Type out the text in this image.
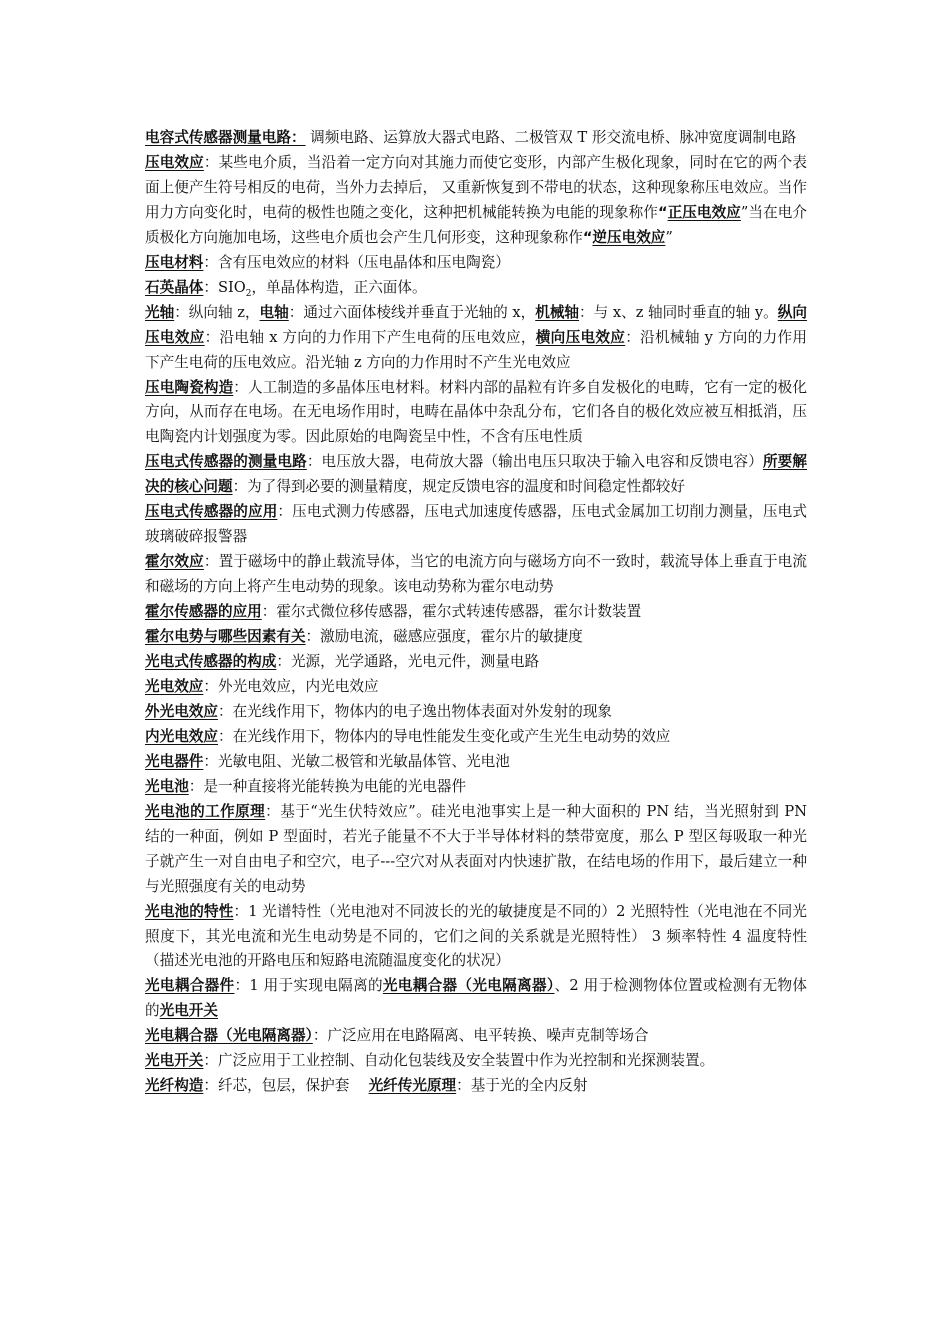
电容式传感器测量电路： 调频电路、运算放大器式电路、二极管双 T 形交流电桥、脉冲宽度调制电路

压电效应：某些电介质，当沿着一定方向对其施力而使它变形，内部产生极化现象，同时在它的两个表面上便产生符号相反的电荷，当外力去掉后， 又重新恢复到不带电的状态，这种现象称压电效应。当作用力方向变化时，电荷的极性也随之变化，这种把机械能转换为电能的现象称作“正压电效应”当在电介质极化方向施加电场，这些电介质也会产生几何形变，这种现象称作“逆压电效应”

压电材料：含有压电效应的材料（压电晶体和压电陶瓷）

石英晶体：$SIO_2$，单晶体构造，正六面体。

光轴：纵向轴 z，电轴：通过六面体棱线并垂直于光轴的 x，机械轴：与 x、z 轴同时垂直的轴 y。纵向压电效应：沿电轴 x 方向的力作用下产生电荷的压电效应，横向压电效应：沿机械轴 y 方向的力作用下产生电荷的压电效应。沿光轴 z 方向的力作用时不产生光电效应

压电陶瓷构造：人工制造的多晶体压电材料。材料内部的晶粒有许多自发极化的电畴，它有一定的极化方向，从而存在电场。在无电场作用时，电畴在晶体中杂乱分布，它们各自的极化效应被互相抵消，压电陶瓷内计划强度为零。因此原始的电陶瓷呈中性，不含有压电性质

压电式传感器的测量电路：电压放大器，电荷放大器（输出电压只取决于输入电容和反馈电容）所要解决的核心问题：为了得到必要的测量精度，规定反馈电容的温度和时间稳定性都较好

压电式传感器的应用：压电式测力传感器，压电式加速度传感器，压电式金属加工切削力测量，压电式玻璃破碎报警器

霍尔效应：置于磁场中的静止载流导体，当它的电流方向与磁场方向不一致时，载流导体上垂直于电流和磁场的方向上将产生电动势的现象。该电动势称为霍尔电动势

霍尔传感器的应用：霍尔式微位移传感器，霍尔式转速传感器，霍尔计数装置

霍尔电势与哪些因素有关：激励电流，磁感应强度，霍尔片的敏捷度

光电式传感器的构成：光源，光学通路，光电元件，测量电路

光电效应：外光电效应，内光电效应

外光电效应：在光线作用下，物体内的电子逸出物体表面对外发射的现象

内光电效应：在光线作用下，物体内的导电性能发生变化或产生光生电动势的效应

光电器件：光敏电阻、光敏二极管和光敏晶体管、光电池

光电池：是一种直接将光能转换为电能的光电器件

光电池的工作原理：基于“光生伏特效应”。硅光电池事实上是一种大面积的 PN 结，当光照射到 PN 结的一种面，例如 P 型面时，若光子能量不不大于半导体材料的禁带宽度，那么 P 型区每吸取一种光子就产生一对自由电子和空穴，电子---空穴对从表面对内快速扩散，在结电场的作用下，最后建立一种与光照强度有关的电动势

光电池的特性：1 光谱特性（光电池对不同波长的光的敏捷度是不同的）2 光照特性（光电池在不同光照度下，其光电流和光生电动势是不同的，它们之间的关系就是光照特性） 3 频率特性 4 温度特性（描述光电池的开路电压和短路电流随温度变化的状况）

光电耦合器件：1 用于实现电隔离的光电耦合器（光电隔离器）、2 用于检测物体位置或检测有无物体的光电开关

光电耦合器（光电隔离器）：广泛应用在电路隔离、电平转换、噪声克制等场合

光电开关：广泛应用于工业控制、自动化包装线及安全装置中作为光控制和光探测装置。

光纤构造：纤芯，包层，保护套 　光纤传光原理：基于光的全内反射
